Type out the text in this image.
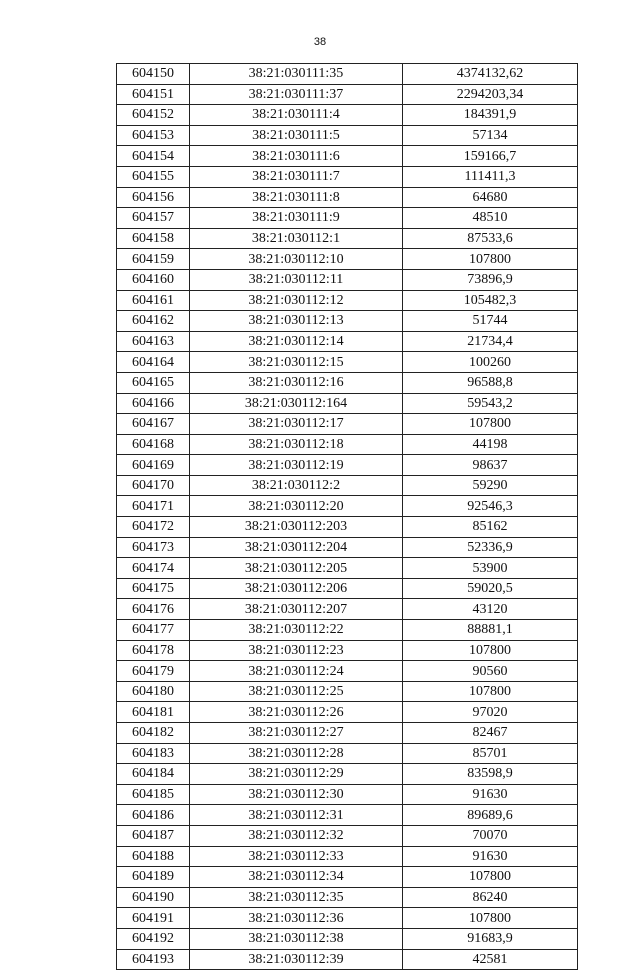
38
604150	38:21:030111:35	4374132,62
604151	38:21:030111:37	2294203,34
604152	38:21:030111:4	184391,9
604153	38:21:030111:5	57134
604154	38:21:030111:6	159166,7
604155	38:21:030111:7	111411,3
604156	38:21:030111:8	64680
604157	38:21:030111:9	48510
604158	38:21:030112:1	87533,6
604159	38:21:030112:10	107800
604160	38:21:030112:11	73896,9
604161	38:21:030112:12	105482,3
604162	38:21:030112:13	51744
604163	38:21:030112:14	21734,4
604164	38:21:030112:15	100260
604165	38:21:030112:16	96588,8
604166	38:21:030112:164	59543,2
604167	38:21:030112:17	107800
604168	38:21:030112:18	44198
604169	38:21:030112:19	98637
604170	38:21:030112:2	59290
604171	38:21:030112:20	92546,3
604172	38:21:030112:203	85162
604173	38:21:030112:204	52336,9
604174	38:21:030112:205	53900
604175	38:21:030112:206	59020,5
604176	38:21:030112:207	43120
604177	38:21:030112:22	88881,1
604178	38:21:030112:23	107800
604179	38:21:030112:24	90560
604180	38:21:030112:25	107800
604181	38:21:030112:26	97020
604182	38:21:030112:27	82467
604183	38:21:030112:28	85701
604184	38:21:030112:29	83598,9
604185	38:21:030112:30	91630
604186	38:21:030112:31	89689,6
604187	38:21:030112:32	70070
604188	38:21:030112:33	91630
604189	38:21:030112:34	107800
604190	38:21:030112:35	86240
604191	38:21:030112:36	107800
604192	38:21:030112:38	91683,9
604193	38:21:030112:39	42581
